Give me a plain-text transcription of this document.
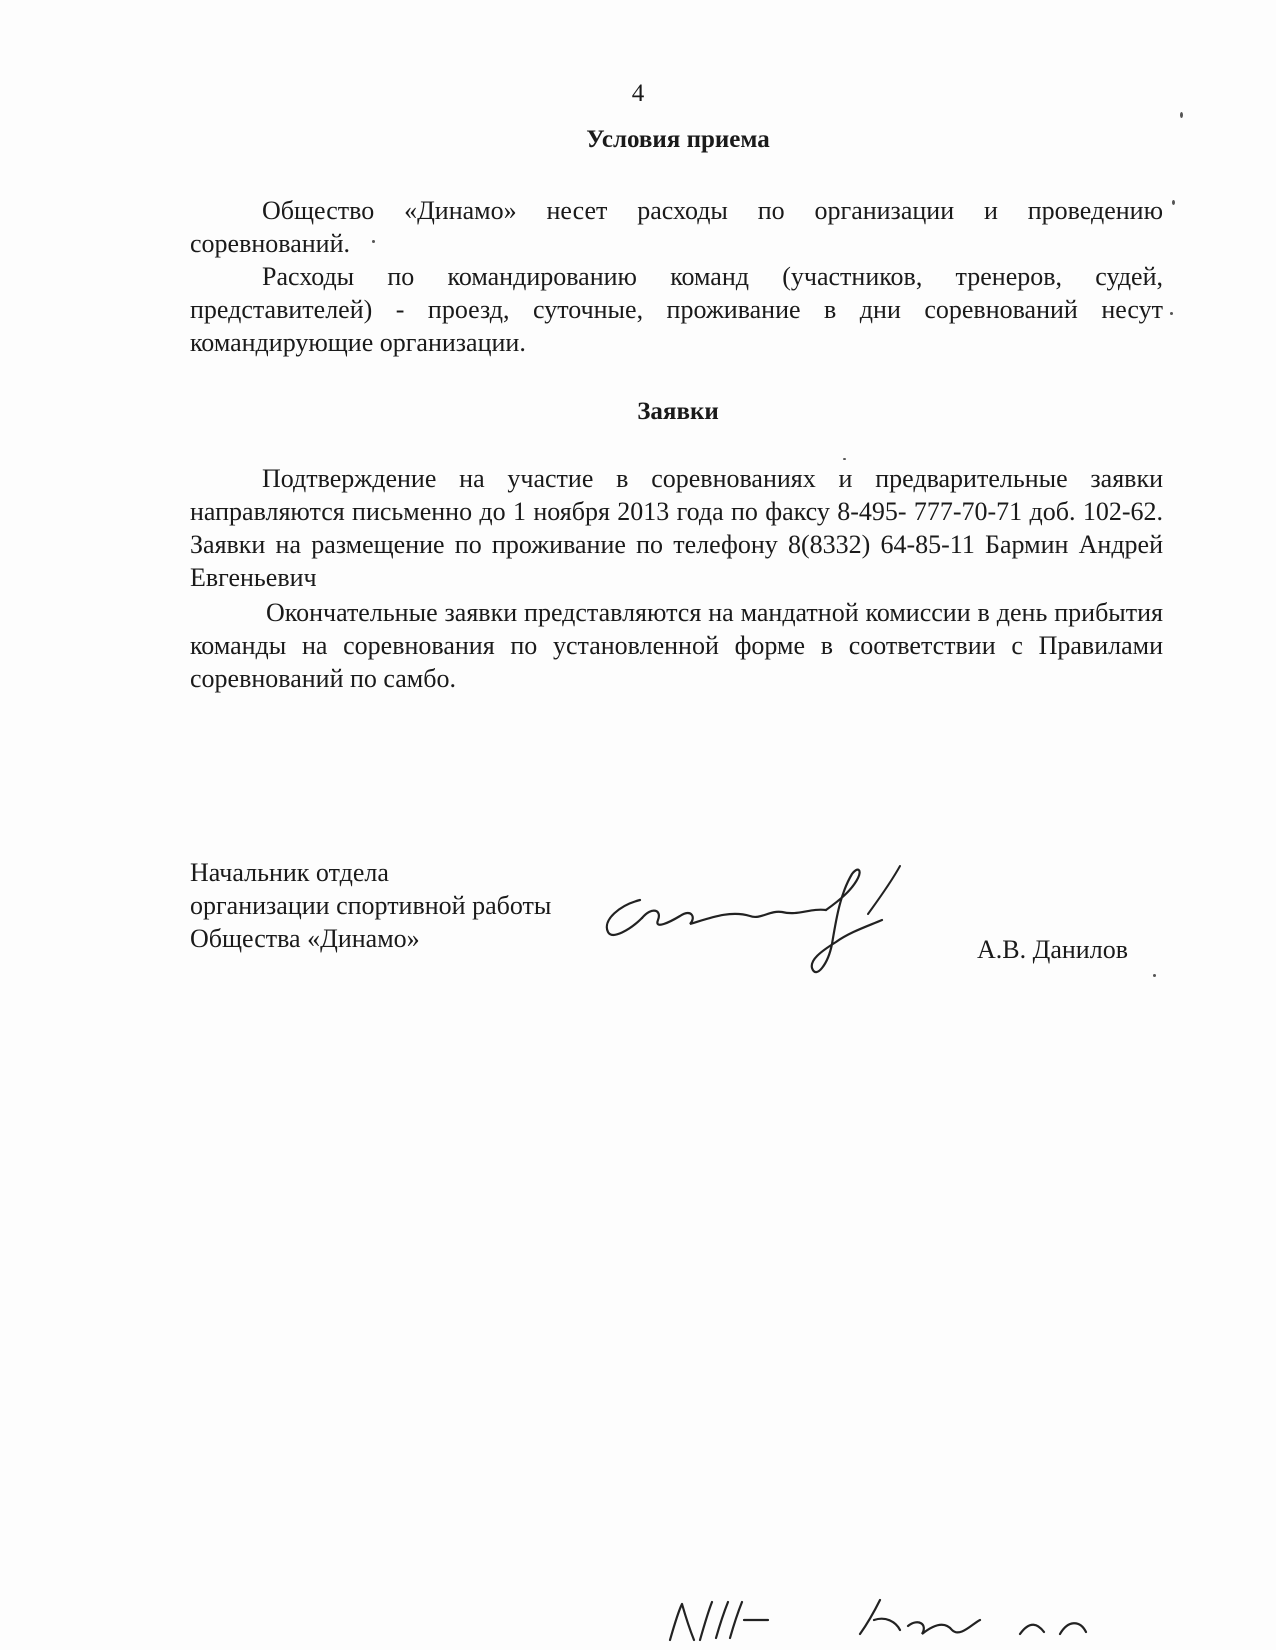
4
Условия приема

Общество «Динамо» несет расходы по организации и проведению соревнований.

Расходы по командированию команд (участников, тренеров, судей, представителей) - проезд, суточные, проживание в дни соревнований несут командирующие организации.

Заявки

Подтверждение на участие в соревнованиях и предварительные заявки направляются письменно до 1 ноября 2013 года по факсу 8-495- 777-70-71 доб. 102-62. Заявки на размещение по проживание по телефону 8(8332) 64-85-11 Бармин Андрей Евгеньевич

Окончательные заявки представляются на мандатной комиссии в день прибытия команды на соревнования по установленной форме в соответствии с Правилами соревнований по самбо.

Начальник отдела
организации спортивной работы
Общества «Динамо»	А.В. Данилов
